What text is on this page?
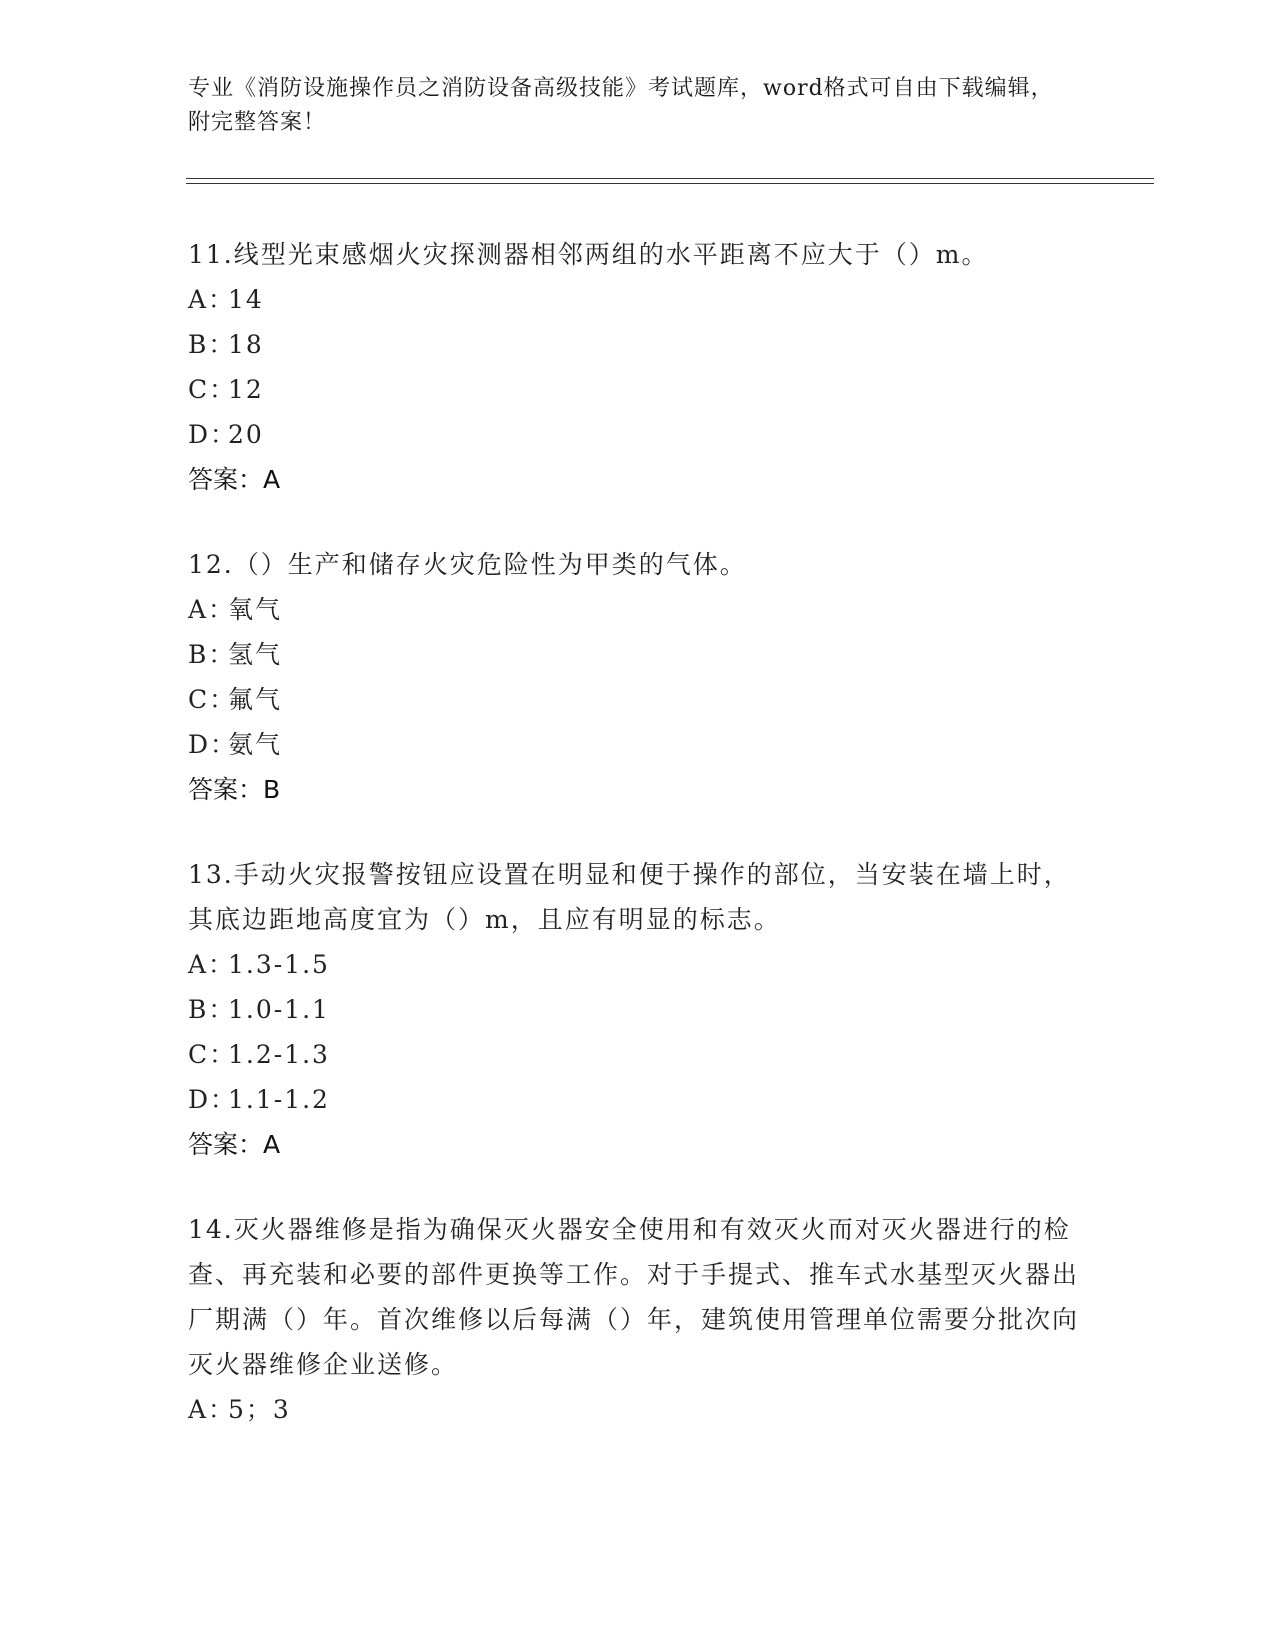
专业《消防设施操作员之消防设备高级技能》考试题库，word格式可自由下载编辑，附完整答案！

11.线型光束感烟火灾探测器相邻两组的水平距离不应大于（）m。

A：
14
B：
18
C：
12
D：
20
答案：A

12.（）生产和储存火灾危险性为甲类的气体。

A：
氧气
B：
氢气
C：
氟气
D：
氨气
答案：B

13.手动火灾报警按钮应设置在明显和便于操作的部位，当安装在墙上时，其底边距地高度宜为（）m，且应有明显的标志。

A：
1.3-1.5
B：
1.0-1.1
C：
1.2-1.3
D：
1.1-1.2
答案：A

14.灭火器维修是指为确保灭火器安全使用和有效灭火而对灭火器进行的检查、再充装和必要的部件更换等工作。对于手提式、推车式水基型灭火器出厂期满（）年。首次维修以后每满（）年，建筑使用管理单位需要分批次向灭火器维修企业送修。

A：
5；3
